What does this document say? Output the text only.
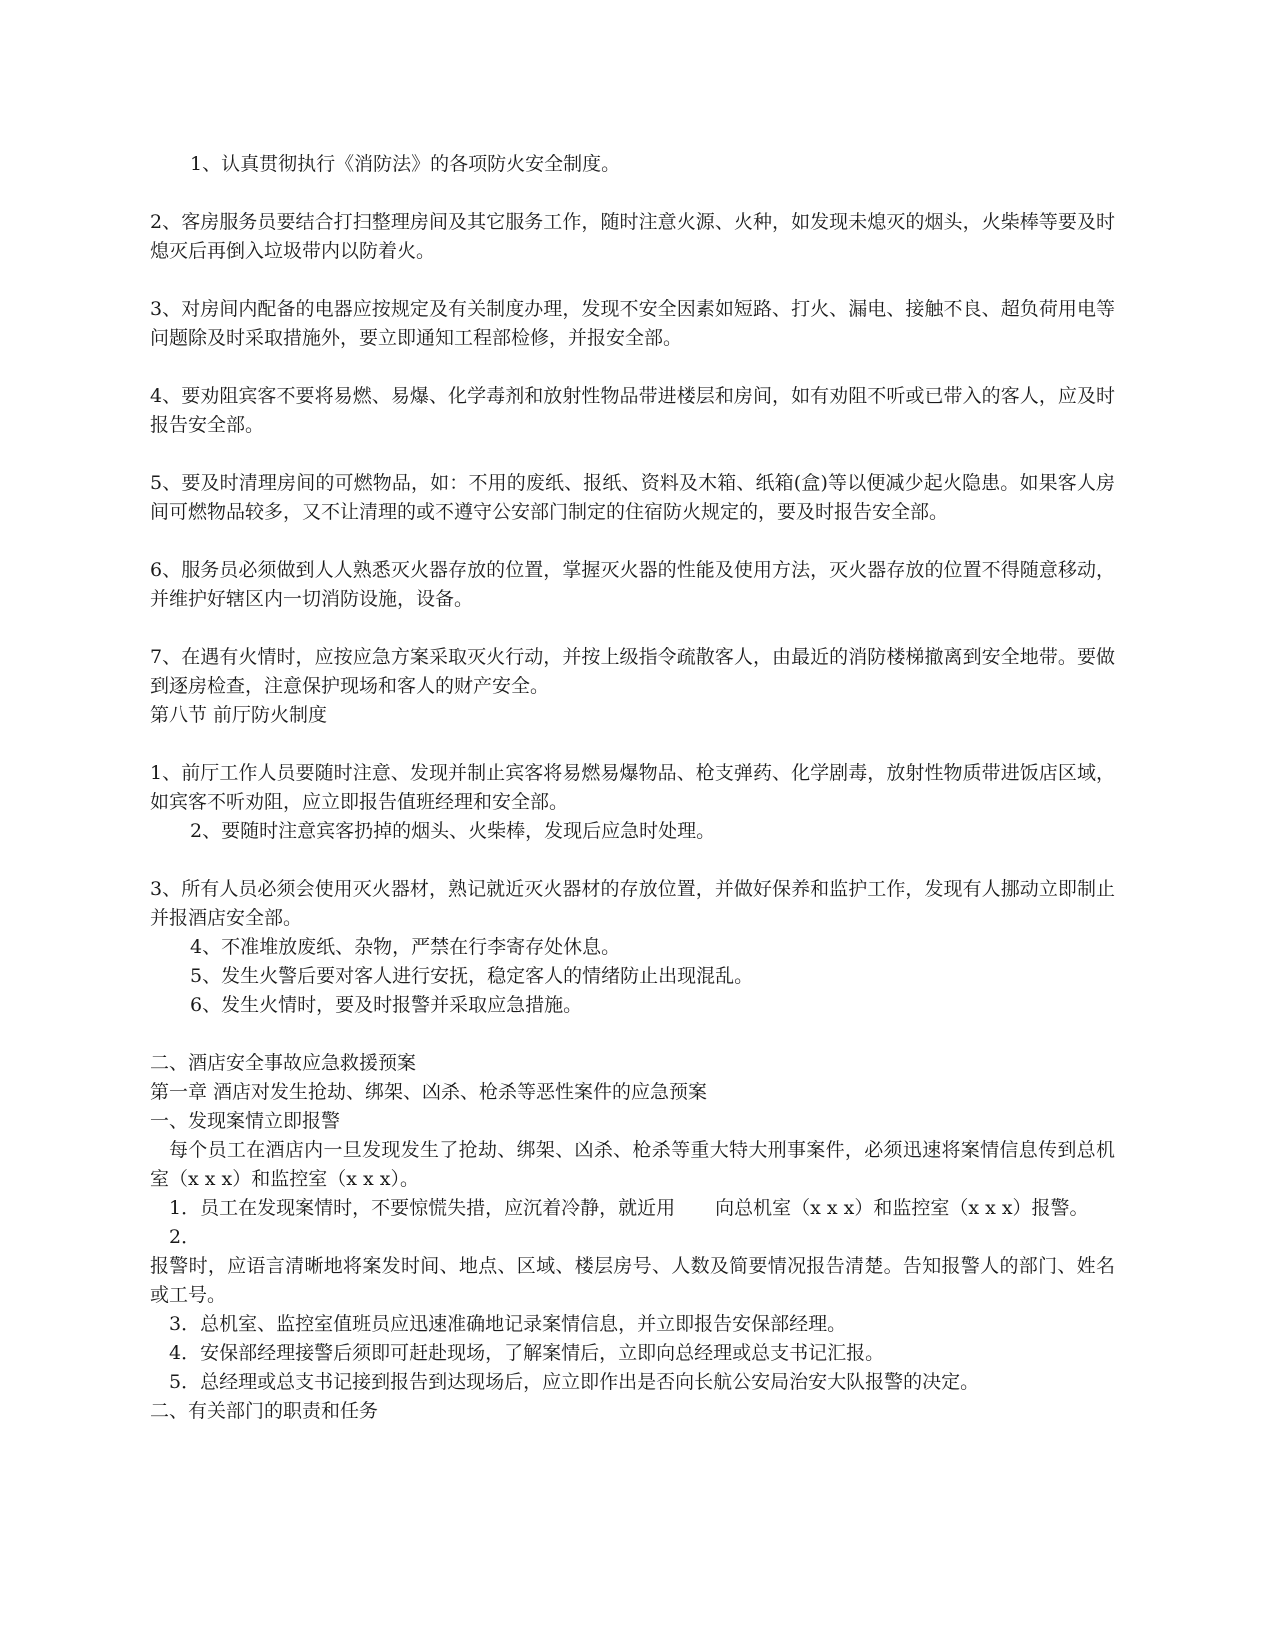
1、认真贯彻执行《消防法》的各项防火安全制度。

2、客房服务员要结合打扫整理房间及其它服务工作，随时注意火源、火种，如发现未熄灭的烟头，火柴棒等要及时熄灭后再倒入垃圾带内以防着火。

3、对房间内配备的电器应按规定及有关制度办理，发现不安全因素如短路、打火、漏电、接触不良、超负荷用电等问题除及时采取措施外，要立即通知工程部检修，并报安全部。

4、要劝阻宾客不要将易燃、易爆、化学毒剂和放射性物品带进楼层和房间，如有劝阻不听或已带入的客人，应及时报告安全部。

5、要及时清理房间的可燃物品，如：不用的废纸、报纸、资料及木箱、纸箱(盒)等以便减少起火隐患。如果客人房间可燃物品较多，又不让清理的或不遵守公安部门制定的住宿防火规定的，要及时报告安全部。

6、服务员必须做到人人熟悉灭火器存放的位置，掌握灭火器的性能及使用方法，灭火器存放的位置不得随意移动，并维护好辖区内一切消防设施，设备。

7、在遇有火情时，应按应急方案采取灭火行动，并按上级指令疏散客人，由最近的消防楼梯撤离到安全地带。要做到逐房检查，注意保护现场和客人的财产安全。

第八节 前厅防火制度

1、前厅工作人员要随时注意、发现并制止宾客将易燃易爆物品、枪支弹药、化学剧毒，放射性物质带进饭店区域，如宾客不听劝阻，应立即报告值班经理和安全部。

2、要随时注意宾客扔掉的烟头、火柴棒，发现后应急时处理。

3、所有人员必须会使用灭火器材，熟记就近灭火器材的存放位置，并做好保养和监护工作，发现有人挪动立即制止并报酒店安全部。

4、不准堆放废纸、杂物，严禁在行李寄存处休息。

5、发生火警后要对客人进行安抚，稳定客人的情绪防止出现混乱。

6、发生火情时，要及时报警并采取应急措施。

二、酒店安全事故应急救援预案

第一章 酒店对发生抢劫、绑架、凶杀、枪杀等恶性案件的应急预案

一、发现案情立即报警

每个员工在酒店内一旦发现发生了抢劫、绑架、凶杀、枪杀等重大特大刑事案件，必须迅速将案情信息传到总机室（x x x）和监控室（x x x）。

1．员工在发现案情时，不要惊慌失措，应沉着冷静，就近用 向总机室（x x x）和监控室（x x x）报警。

2．

报警时，应语言清晰地将案发时间、地点、区域、楼层房号、人数及简要情况报告清楚。告知报警人的部门、姓名或工号。

3．总机室、监控室值班员应迅速准确地记录案情信息，并立即报告安保部经理。

4．安保部经理接警后须即可赶赴现场，了解案情后，立即向总经理或总支书记汇报。

5．总经理或总支书记接到报告到达现场后，应立即作出是否向长航公安局治安大队报警的决定。

二、有关部门的职责和任务
